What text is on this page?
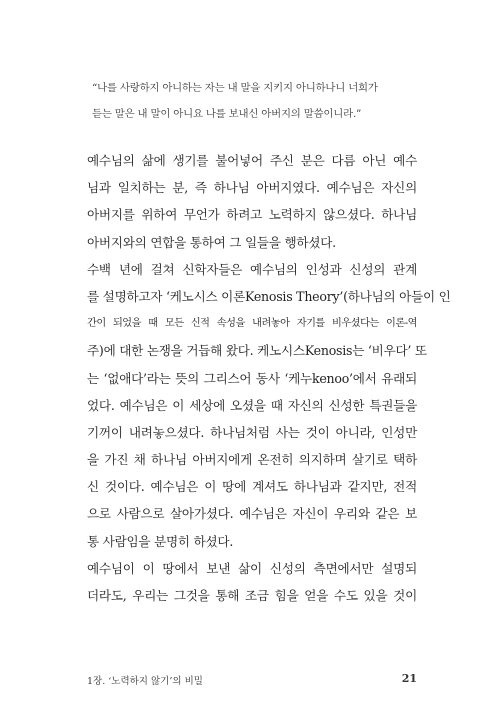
“나를 사랑하지 아니하는 자는 내 말을 지키지 아니하나니 너희가
듣는 말은 내 말이 아니요 나를 보내신 아버지의 말씀이니라.”
예수님의 삶에 생기를 불어넣어 주신 분은 다름 아닌 예수
님과 일치하는 분, 즉 하나님 아버지였다. 예수님은 자신의
아버지를 위하여 무언가 하려고 노력하지 않으셨다. 하나님
아버지와의 연합을 통하여 그 일들을 행하셨다.
수백 년에 걸쳐 신학자들은 예수님의 인성과 신성의 관계
를 설명하고자 ‘케노시스 이론Kenosis Theory’(하나님의 아들이 인
간이 되었을 때 모든 신적 속성을 내려놓아 자기를 비우셨다는 이론-역
주)에 대한 논쟁을 거듭해 왔다. 케노시스Kenosis는 ‘비우다’ 또
는 ‘없애다’라는 뜻의 그리스어 동사 ‘케누kenoo’에서 유래되
었다. 예수님은 이 세상에 오셨을 때 자신의 신성한 특권들을
기꺼이 내려놓으셨다. 하나님처럼 사는 것이 아니라, 인성만
을 가진 채 하나님 아버지에게 온전히 의지하며 살기로 택하
신 것이다. 예수님은 이 땅에 계셔도 하나님과 같지만, 전적
으로 사람으로 살아가셨다. 예수님은 자신이 우리와 같은 보
통 사람임을 분명히 하셨다.
예수님이 이 땅에서 보낸 삶이 신성의 측면에서만 설명되
더라도, 우리는 그것을 통해 조금 힘을 얻을 수도 있을 것이
1장. ‘노력하지 않기’의 비밀	21
